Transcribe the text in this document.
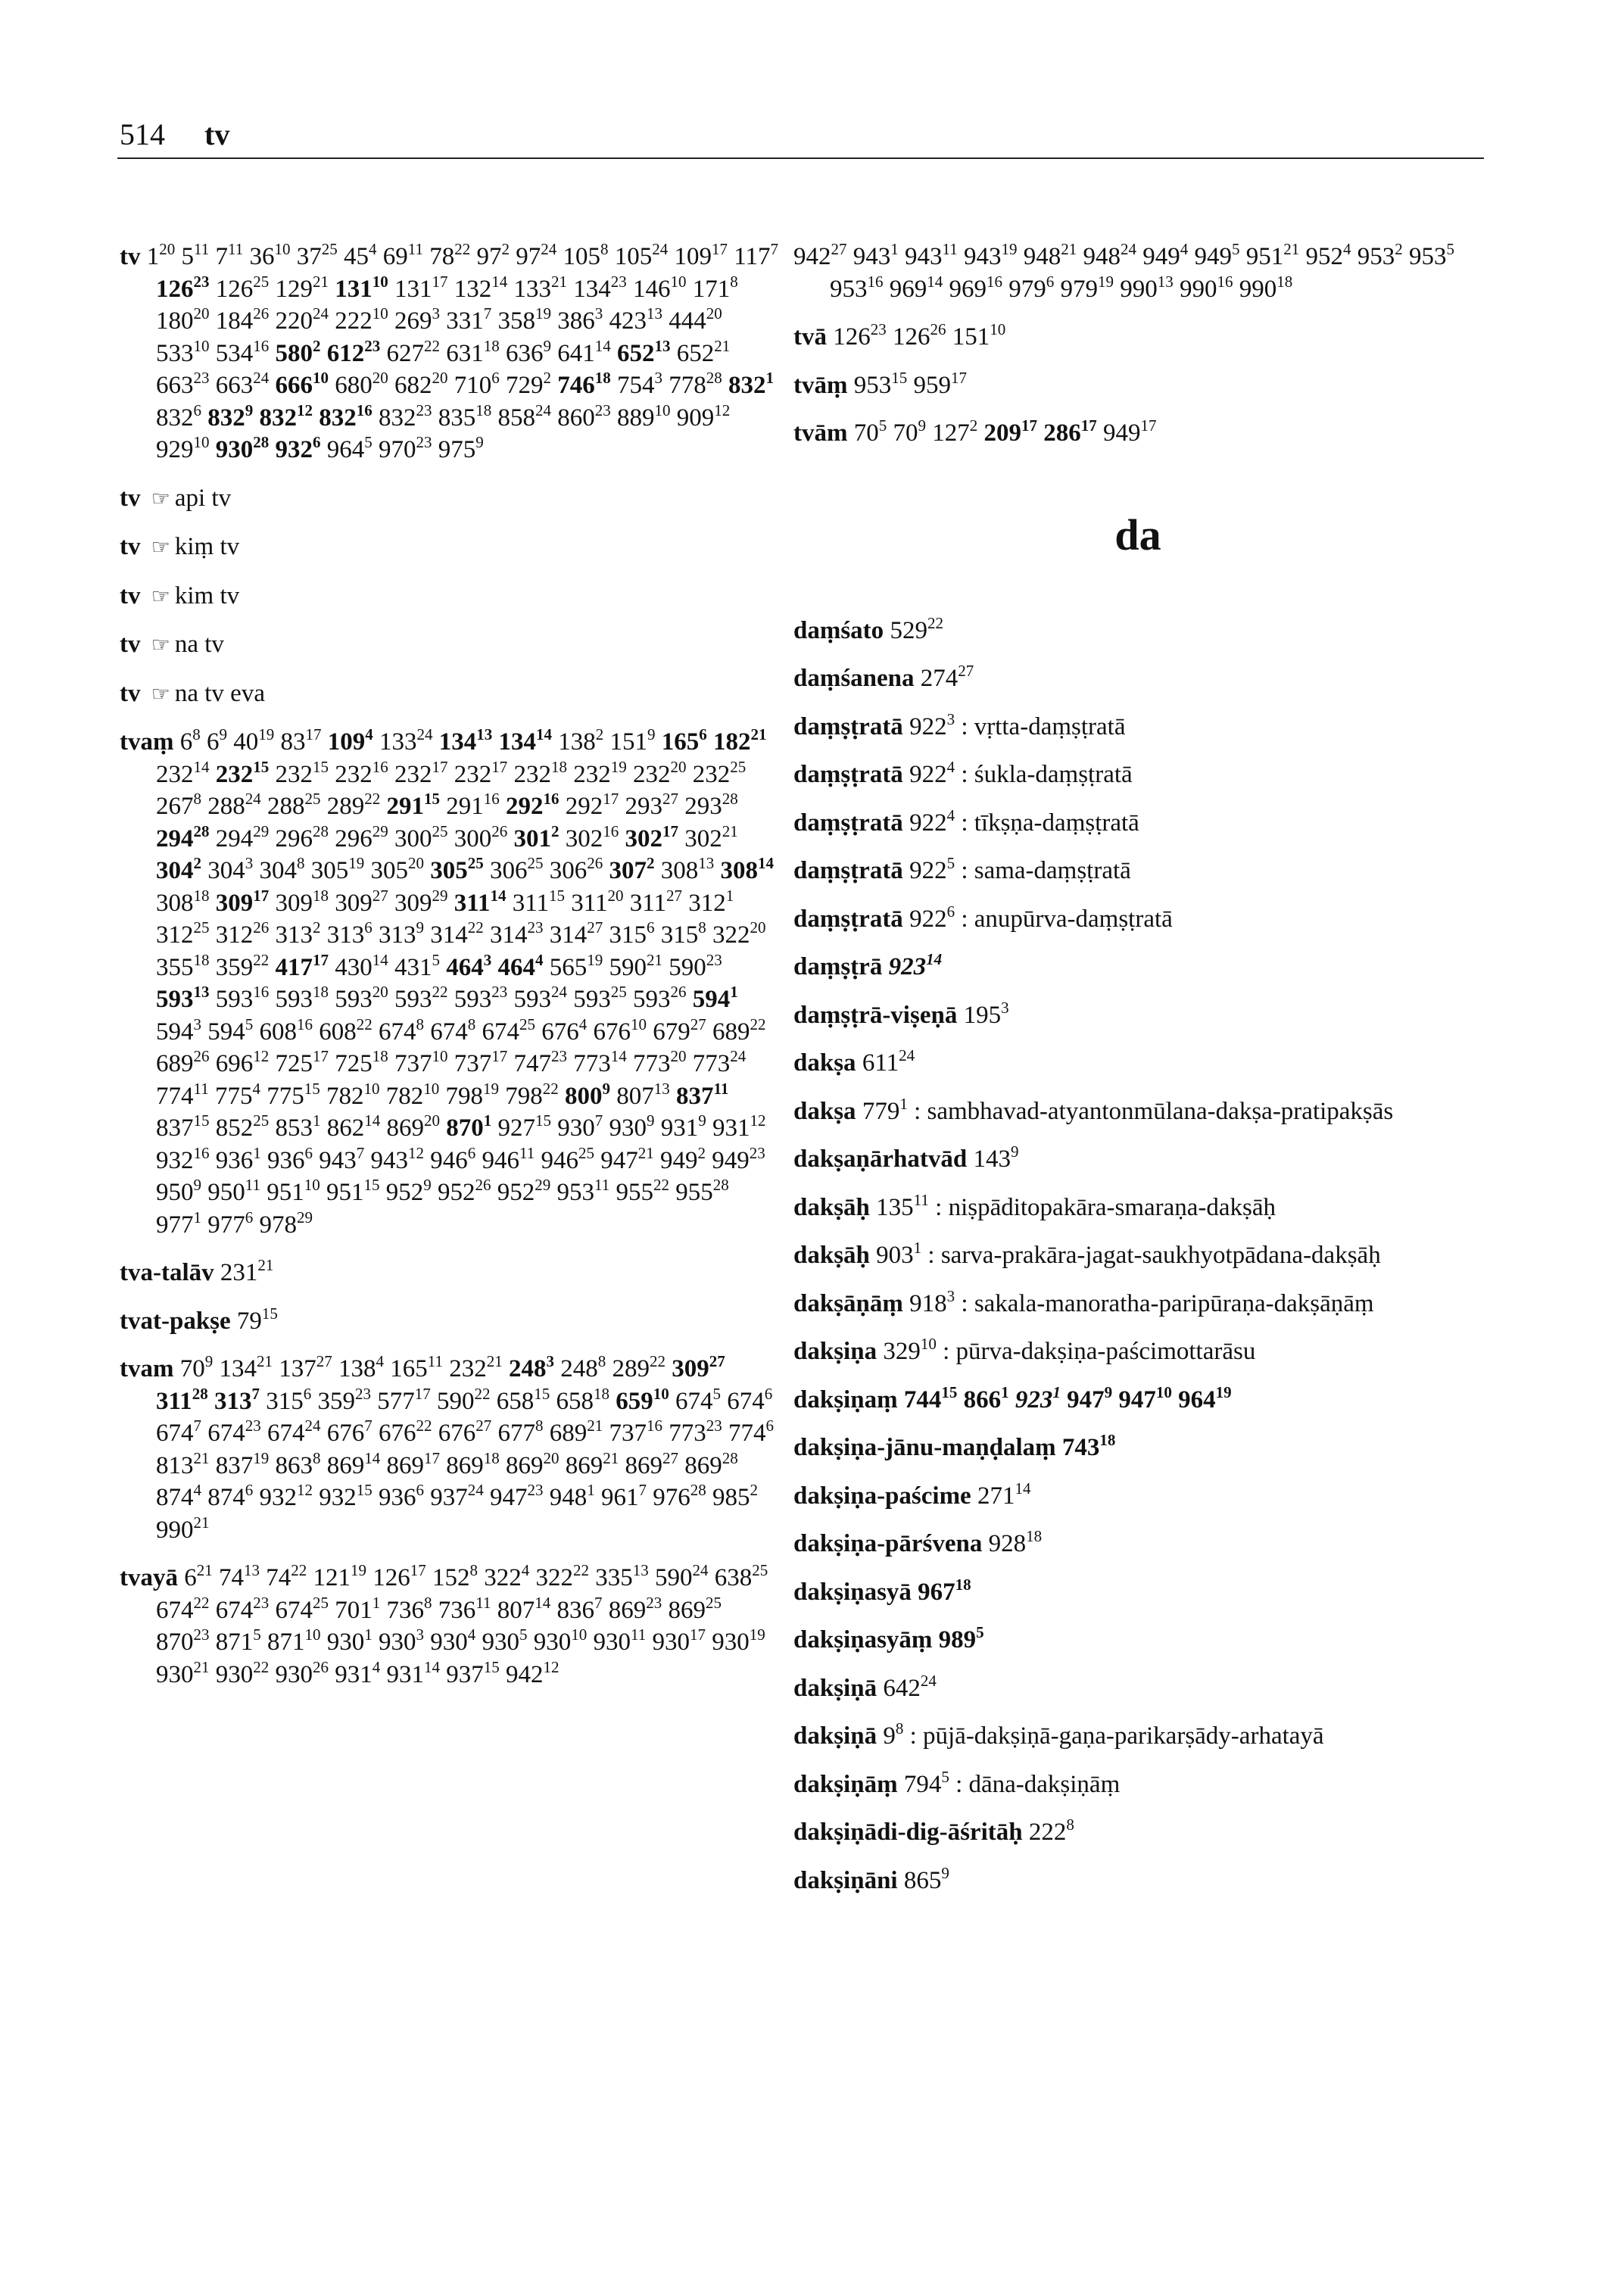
514 tv

tv $1^{20}$ $5^{11}$ $7^{11}$ $36^{10}$ $37^{25}$ $45^4$ $69^{11}$ $78^{22}$ $97^2$ $97^{24}$ $105^8$ $105^{24}$ $109^{17}$ $117^7$ $126^{23}$ $126^{25}$ $129^{21}$ $131^{10}$ $131^{17}$ $132^{14}$ $133^{21}$ $134^{23}$ $146^{10}$ $171^8$ $180^{20}$ $184^{26}$ $220^{24}$ $222^{10}$ $269^3$ $331^7$ $358^{19}$ $386^3$ $423^{13}$ $444^{20}$ $533^{10}$ $534^{16}$ $580^2$ $612^{23}$ $627^{22}$ $631^{18}$ $636^9$ $641^{14}$ $652^{13}$ $652^{21}$ $663^{23}$ $663^{24}$ $666^{10}$ $680^{20}$ $682^{20}$ $710^6$ $729^2$ $746^{18}$ $754^3$ $778^{28}$ $832^1$ $832^6$ $832^9$ $832^{12}$ $832^{16}$ $832^{23}$ $835^{18}$ $858^{24}$ $860^{23}$ $889^{10}$ $909^{12}$ $929^{10}$ $930^{28}$ $932^6$ $964^5$ $970^{23}$ $975^9$

tv ☞ api tv

tv ☞ kiṃ tv

tv ☞ kim tv

tv ☞ na tv

tv ☞ na tv eva

tvaṃ $6^8$ $6^9$ $40^{19}$ $83^{17}$ $109^4$ $133^{24}$ $134^{13}$ $134^{14}$ $138^2$ $151^9$ $165^6$ $182^{21}$ $232^{14}$ $232^{15}$ $232^{15}$ $232^{16}$ $232^{17}$ $232^{17}$ $232^{18}$ $232^{19}$ $232^{20}$ $232^{25}$ $267^8$ $288^{24}$ $288^{25}$ $289^{22}$ $291^{15}$ $291^{16}$ $292^{16}$ $292^{17}$ $293^{27}$ $293^{28}$ $294^{28}$ $294^{29}$ $296^{28}$ $296^{29}$ $300^{25}$ $300^{26}$ $301^2$ $302^{16}$ $302^{17}$ $302^{21}$ $304^2$ $304^3$ $304^8$ $305^{19}$ $305^{20}$ $305^{25}$ $306^{25}$ $306^{26}$ $307^2$ $308^{13}$ $308^{14}$ $308^{18}$ $309^{17}$ $309^{18}$ $309^{27}$ $309^{29}$ $311^{14}$ $311^{15}$ $311^{20}$ $311^{27}$ $312^1$ $312^{25}$ $312^{26}$ $313^2$ $313^6$ $313^9$ $314^{22}$ $314^{23}$ $314^{27}$ $315^6$ $315^8$ $322^{20}$ $355^{18}$ $359^{22}$ $417^{17}$ $430^{14}$ $431^5$ $464^3$ $464^4$ $565^{19}$ $590^{21}$ $590^{23}$ $593^{13}$ $593^{16}$ $593^{18}$ $593^{20}$ $593^{22}$ $593^{23}$ $593^{24}$ $593^{25}$ $593^{26}$ $594^1$ $594^3$ $594^5$ $608^{16}$ $608^{22}$ $674^8$ $674^8$ $674^{25}$ $676^4$ $676^{10}$ $679^{27}$ $689^{22}$ $689^{26}$ $696^{12}$ $725^{17}$ $725^{18}$ $737^{10}$ $737^{17}$ $747^{23}$ $773^{14}$ $773^{20}$ $773^{24}$ $774^{11}$ $775^4$ $775^{15}$ $782^{10}$ $782^{10}$ $798^{19}$ $798^{22}$ $800^9$ $807^{13}$ $837^{11}$ $837^{15}$ $852^{25}$ $853^1$ $862^{14}$ $869^{20}$ $870^1$ $927^{15}$ $930^7$ $930^9$ $931^9$ $931^{12}$ $932^{16}$ $936^1$ $936^6$ $943^7$ $943^{12}$ $946^6$ $946^{11}$ $946^{25}$ $947^{21}$ $949^2$ $949^{23}$ $950^9$ $950^{11}$ $951^{10}$ $951^{15}$ $952^9$ $952^{26}$ $952^{29}$ $953^{11}$ $955^{22}$ $955^{28}$ $977^1$ $977^6$ $978^{29}$

tva-talāv $231^{21}$

tvat-pakṣe $79^{15}$

tvam $70^9$ $134^{21}$ $137^{27}$ $138^4$ $165^{11}$ $232^{21}$ $248^3$ $248^8$ $289^{22}$ $309^{27}$ $311^{28}$ $313^7$ $315^6$ $359^{23}$ $577^{17}$ $590^{22}$ $658^{15}$ $658^{18}$ $659^{10}$ $674^5$ $674^6$ $674^7$ $674^{23}$ $674^{24}$ $676^7$ $676^{22}$ $676^{27}$ $677^8$ $689^{21}$ $737^{16}$ $773^{23}$ $774^6$ $813^{21}$ $837^{19}$ $863^8$ $869^{14}$ $869^{17}$ $869^{18}$ $869^{20}$ $869^{21}$ $869^{27}$ $869^{28}$ $874^4$ $874^6$ $932^{12}$ $932^{15}$ $936^6$ $937^{24}$ $947^{23}$ $948^1$ $961^7$ $976^{28}$ $985^2$ $990^{21}$

tvayā $6^{21}$ $74^{13}$ $74^{22}$ $121^{19}$ $126^{17}$ $152^8$ $322^4$ $322^{22}$ $335^{13}$ $590^{24}$ $638^{25}$ $674^{22}$ $674^{23}$ $674^{25}$ $701^1$ $736^8$ $736^{11}$ $807^{14}$ $836^7$ $869^{23}$ $869^{25}$ $870^{23}$ $871^5$ $871^{10}$ $930^1$ $930^3$ $930^4$ $930^5$ $930^{10}$ $930^{11}$ $930^{17}$ $930^{19}$ $930^{21}$ $930^{22}$ $930^{26}$ $931^4$ $931^{14}$ $937^{15}$ $942^{12}$

$942^{27}$ $943^1$ $943^{11}$ $943^{19}$ $948^{21}$ $948^{24}$ $949^4$ $949^5$ $951^{21}$ $952^4$ $953^2$ $953^5$ $953^{16}$ $969^{14}$ $969^{16}$ $979^6$ $979^{19}$ $990^{13}$ $990^{16}$ $990^{18}$

tvā $126^{23}$ $126^{26}$ $151^{10}$

tvāṃ $953^{15}$ $959^{17}$

tvām $70^5$ $70^9$ $127^2$ $209^{17}$ $286^{17}$ $949^{17}$

da

daṃśato $529^{22}$

daṃśanena $274^{27}$

daṃṣṭratā $922^3$ : vṛtta-daṃṣṭratā

daṃṣṭratā $922^4$ : śukla-daṃṣṭratā

daṃṣṭratā $922^4$ : tīkṣṇa-daṃṣṭratā

daṃṣṭratā $922^5$ : sama-daṃṣṭratā

daṃṣṭratā $922^6$ : anupūrva-daṃṣṭratā

daṃṣṭrā $923^{14}$

daṃṣṭrā-viṣeṇā $195^3$

dakṣa $611^{24}$

dakṣa $779^1$ : sambhavad-atyantonmūlana-dakṣa-pratipakṣās

dakṣaṇārhatvād $143^9$

dakṣāḥ $135^{11}$ : niṣpāditopakāra-smaraṇa-dakṣāḥ

dakṣāḥ $903^1$ : sarva-prakāra-jagat-saukhyotpādana-dakṣāḥ

dakṣāṇāṃ $918^3$ : sakala-manoratha-paripūraṇa-dakṣāṇāṃ

dakṣiṇa $329^{10}$ : pūrva-dakṣiṇa-paścimottarāsu

dakṣiṇaṃ $744^{15}$ $866^1$ $923^1$ $947^9$ $947^{10}$ $964^{19}$

dakṣiṇa-jānu-maṇḍalaṃ $743^{18}$

dakṣiṇa-paścime $271^{14}$

dakṣiṇa-pārśvena $928^{18}$

dakṣiṇasyā $967^{18}$

dakṣiṇasyāṃ $989^5$

dakṣiṇā $642^{24}$

dakṣiṇā $9^8$ : pūjā-dakṣiṇā-gaṇa-parikarṣādy-arhatayā

dakṣiṇāṃ $794^5$ : dāna-dakṣiṇāṃ

dakṣiṇādi-dig-āśritāḥ $222^8$

dakṣiṇāni $865^9$
